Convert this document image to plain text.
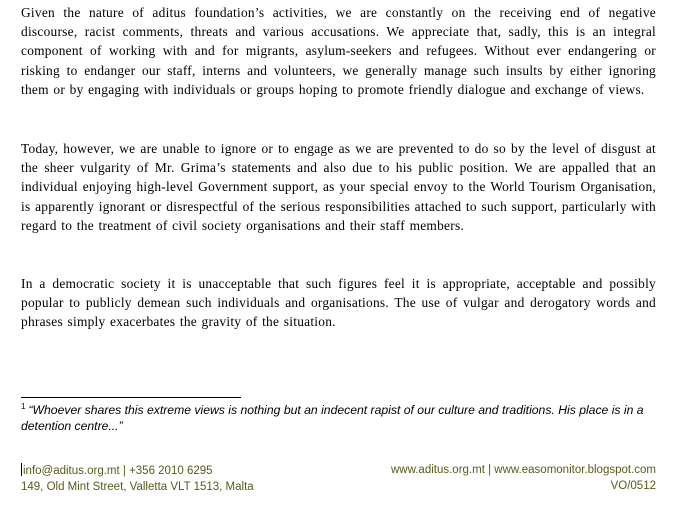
Given the nature of aditus foundation’s activities, we are constantly on the receiving end of negative discourse, racist comments, threats and various accusations. We appreciate that, sadly, this is an integral component of working with and for migrants, asylum-seekers and refugees. Without ever endangering or risking to endanger our staff, interns and volunteers, we generally manage such insults by either ignoring them or by engaging with individuals or groups hoping to promote friendly dialogue and exchange of views.

Today, however, we are unable to ignore or to engage as we are prevented to do so by the level of disgust at the sheer vulgarity of Mr. Grima’s statements and also due to his public position. We are appalled that an individual enjoying high-level Government support, as your special envoy to the World Tourism Organisation, is apparently ignorant or disrespectful of the serious responsibilities attached to such support, particularly with regard to the treatment of civil society organisations and their staff members.

In a democratic society it is unacceptable that such figures feel it is appropriate, acceptable and possibly popular to publicly demean such individuals and organisations. The use of vulgar and derogatory words and phrases simply exacerbates the gravity of the situation.

$^1$ “Whoever shares this extreme views is nothing but an indecent rapist of our culture and traditions. His place is in a detention centre...”
info@aditus.org.mt | +356 2010 6295
149, Old Mint Street, Valletta VLT 1513, Malta
www.aditus.org.mt | www.easomonitor.blogspot.com
VO/0512
